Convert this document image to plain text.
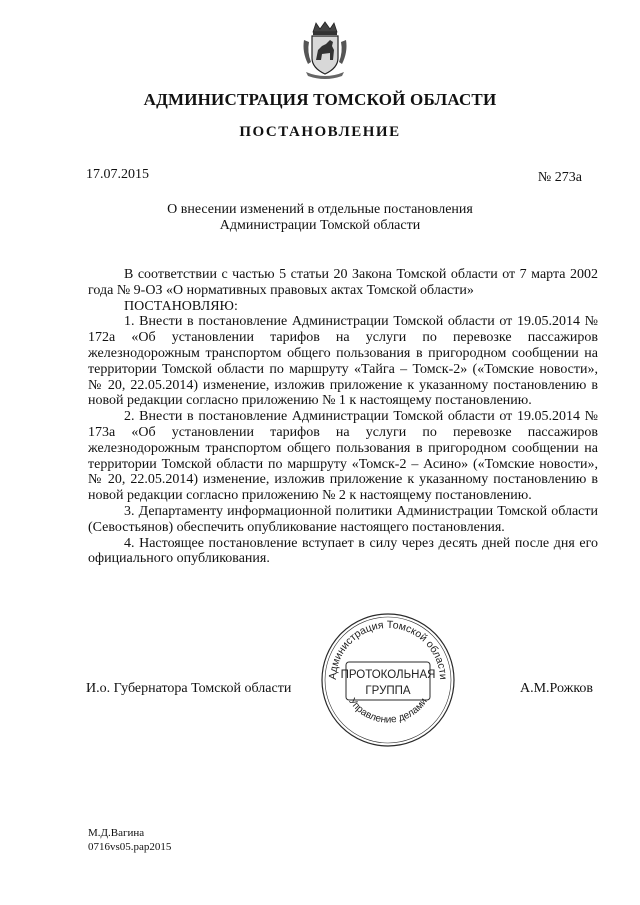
АДМИНИСТРАЦИЯ ТОМСКОЙ ОБЛАСТИ
ПОСТАНОВЛЕНИЕ
17.07.2015	№ 273а
О внесении изменений в отдельные постановления
Администрации Томской области

В соответствии с частью 5 статьи 20 Закона Томской области от 7 марта 2002 года № 9-ОЗ «О нормативных правовых актах Томской области»

ПОСТАНОВЛЯЮ:

1. Внести в постановление Администрации Томской области от 19.05.2014 № 172а «Об установлении тарифов на услуги по перевозке пассажиров железнодорожным транспортом общего пользования в пригородном сообщении на территории Томской области по маршруту «Тайга – Томск-2» («Томские новости», № 20, 22.05.2014) изменение, изложив приложение к указанному постановлению в новой редакции согласно приложению № 1 к настоящему постановлению.

2. Внести в постановление Администрации Томской области от 19.05.2014 № 173а «Об установлении тарифов на услуги по перевозке пассажиров железнодорожным транспортом общего пользования в пригородном сообщении на территории Томской области по маршруту «Томск-2 – Асино» («Томские новости», № 20, 22.05.2014) изменение, изложив приложение к указанному постановлению в новой редакции согласно приложению № 2 к настоящему постановлению.

3. Департаменту информационной политики Администрации Томской области (Севостьянов) обеспечить опубликование настоящего постановления.

4. Настоящее постановление вступает в силу через десять дней после дня его официального опубликования.

И.о. Губернатора Томской области
Администрация Томской области
Управление делами
ПРОТОКОЛЬНАЯ
ГРУППА	А.М.Рожков
М.Д.Вагина
0716vs05.pap2015
